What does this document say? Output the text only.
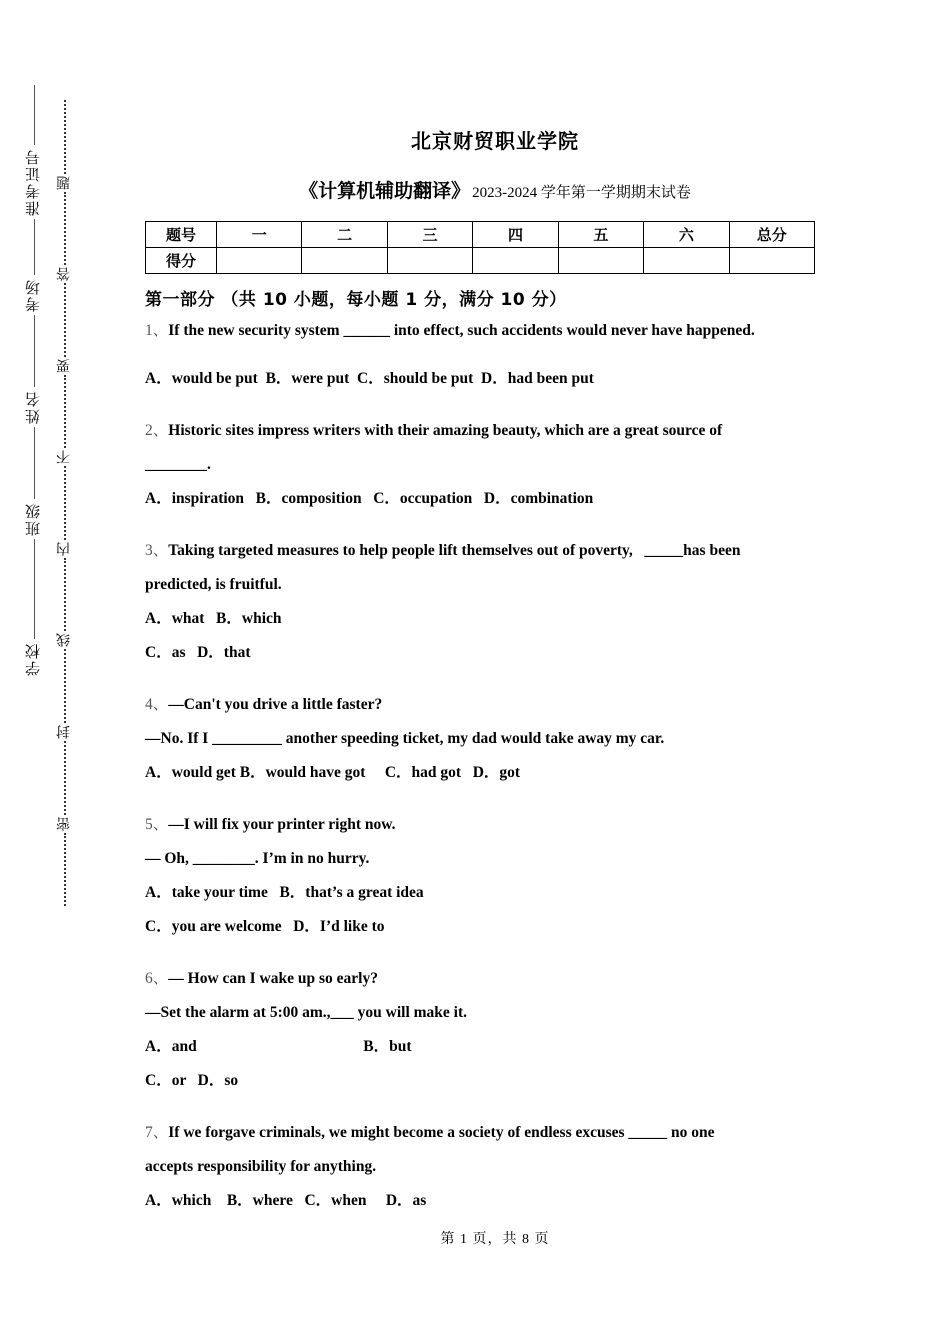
准考证号
考场
姓名
班级
学校
题
答
要
不
内
线
封
密
北京财贸职业学院
《计算机辅助翻译》 2023-2024 学年第一学期期末试卷
题号	一	二	三	四	五	六	总分
得分							
第一部分 （共 10 小题，每小题 1 分，满分 10 分）
1、If the new security system ______ into effect, such accidents would never have happened.
A．would be put  B．were put  C．should be put  D．had been put
2、Historic sites impress writers with their amazing beauty, which are a great source of
________.
A．inspiration   B．composition   C．occupation   D．combination
3、Taking targeted measures to help people lift themselves out of poverty,   _____has been
predicted, is fruitful.
A．what   B．which
C．as   D．that
4、—Can't you drive a little faster?
—No. If I _________ another speeding ticket, my dad would take away my car.
A．would get B．would have got     C．had got   D．got
5、—I will fix your printer right now.
— Oh, ________. I’m in no hurry.
A．take your time   B．that’s a great idea
C．you are welcome   D．I’d like to
6、— How can I wake up so early?
—Set the alarm at 5:00 am.,___ you will make it.
A．and                                           B．but
C．or   D．so
7、If we forgave criminals, we might become a society of endless excuses _____ no one
accepts responsibility for anything.
A．which    B．where   C．when     D．as
第 1 页，共 8 页
